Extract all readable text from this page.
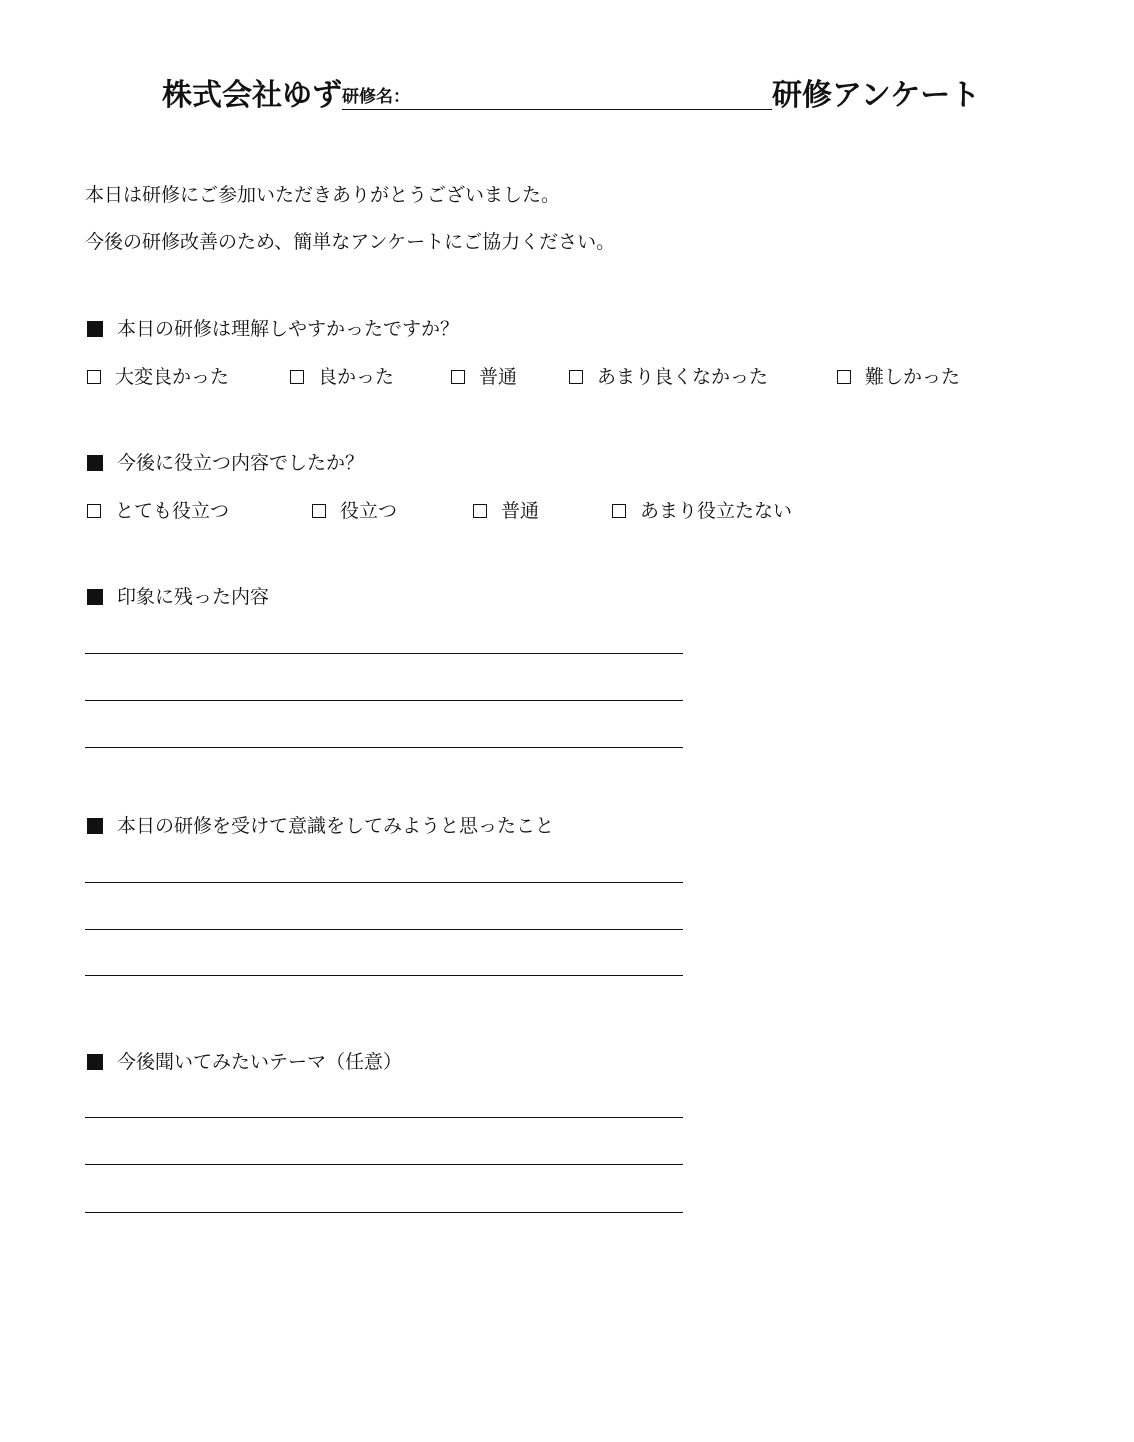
株式会社ゆず 研修名：	研修アンケート
本日は研修にご参加いただきありがとうございました。
今後の研修改善のため、簡単なアンケートにご協力ください。
本日の研修は理解しやすかったですか？
大変良かった	良かった	普通	あまり良くなかった	難しかった
今後に役立つ内容でしたか？
とても役立つ	役立つ	普通	あまり役立たない
印象に残った内容
本日の研修を受けて意識をしてみようと思ったこと
今後聞いてみたいテーマ（任意）
